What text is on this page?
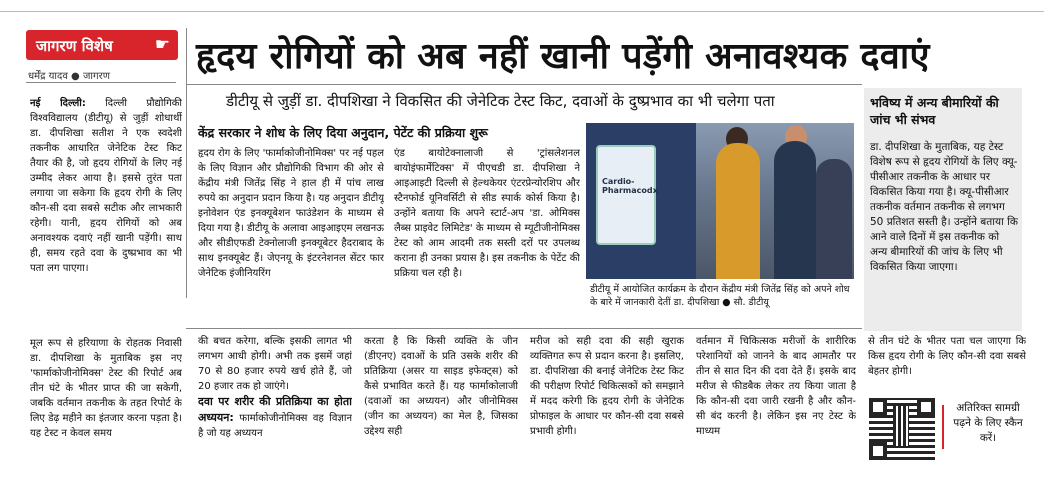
जागरण विशेष ☛
धर्मेंद्र यादव ● जागरण हृदय रोगियों को अब नहीं खानी पड़ेंगी अनावश्यक दवाएं
डीटीयू से जुड़ीं डा. दीपशिखा ने विकसित की जेनेटिक टेस्ट किट, दवाओं के दुष्प्रभाव का भी चलेगा पता
केंद्र सरकार ने शोध के लिए दिया अनुदान, पेटेंट की प्रक्रिया शुरू
नई दिल्ली: दिल्ली प्रौद्योगिकी विश्वविद्यालय (डीटीयू) से जुड़ीं शोधार्थी डा. दीपशिखा सतीश ने एक स्वदेशी तकनीक आधारित जेनेटिक टेस्ट किट तैयार की है, जो हृदय रोगियों के लिए नई उम्मीद लेकर आया है। इससे तुरंत पता लगाया जा सकेगा कि हृदय रोगी के लिए कौन-सी दवा सबसे सटीक और लाभकारी रहेगी। यानी, हृदय रोगियों को अब अनावश्यक दवाएं नहीं खानी पड़ेंगी। साथ ही, समय रहते दवा के दुष्प्रभाव का भी पता लग पाएगा।
मूल रूप से हरियाणा के रोहतक निवासी डा. दीपशिखा के मुताबिक इस नए 'फार्माकोजीनोमिक्स' टेस्ट की रिपोर्ट अब तीन घंटे के भीतर प्राप्त की जा सकेगी, जबकि वर्तमान तकनीक के तहत रिपोर्ट के लिए डेढ़ महीने का इंतजार करना पड़ता है। यह टेस्ट न केवल समय
हृदय रोग के लिए 'फार्माकोजीनोमिक्स' पर नई पहल के लिए विज्ञान और प्रौद्योगिकी विभाग की ओर से केंद्रीय मंत्री जितेंद्र सिंह ने हाल ही में पांच लाख रुपये का अनुदान प्रदान किया है। यह अनुदान डीटीयू इनोवेशन एंड इनक्यूबेशन फाउंडेशन के माध्यम से दिया गया है। डीटीयू के अलावा आइआइएम लखनऊ और सीडीएफडी टेक्नोलाजी इनक्यूबेटर हैदराबाद के साथ इनक्यूबेट हैं। जेएनयू के इंटरनेशनल सेंटर फार जेनेटिक इंजीनियरिंग
एंड बायोटेक्नालाजी से 'ट्रांसलेशनल बायोइंफार्मेटिक्स' में पीएचडी डा. दीपशिखा ने आइआइटी दिल्ली से हेल्थकेयर एंटरप्रेन्योरशिप और स्टैनफोर्ड यूनिवर्सिटी से सीड स्पार्क कोर्स किया है। उन्होंने बताया कि अपने स्टार्ट-अप 'डा. ओमिक्स लैब्स प्राइवेट लिमिटेड' के माध्यम से म्यूटीजीनोमिक्स टेस्ट को आम आदमी तक सस्ती दरों पर उपलब्ध कराना ही उनका प्रयास है। इस तकनीक के पेटेंट की प्रक्रिया चल रही है।
Cardio-Pharmacodx
डीटीयू में आयोजित कार्यक्रम के दौरान केंद्रीय मंत्री जितेंद्र सिंह को अपने शोध के बारे में जानकारी देतीं डा. दीपशिखा ● सौ. डीटीयू
भविष्य में अन्य बीमारियों की जांच भी संभव
डा. दीपशिखा के मुताबिक, यह टेस्ट विशेष रूप से हृदय रोगियों के लिए क्यू-पीसीआर तकनीक के आधार पर विकसित किया गया है। क्यू-पीसीआर तकनीक वर्तमान तकनीक से लगभग 50 प्रतिशत सस्ती है। उन्होंने बताया कि आने वाले दिनों में इस तकनीक को अन्य बीमारियों की जांच के लिए भी विकसित किया जाएगा।
की बचत करेगा, बल्कि इसकी लागत भी लगभग आधी होगी। अभी तक इसमें जहां 70 से 80 हजार रुपये खर्च होते हैं, जो 20 हजार तक हो जाएंगे।
दवा पर शरीर की प्रतिक्रिया का होता अध्ययन: फार्माकोजीनोमिक्स वह विज्ञान है जो यह अध्ययन
करता है कि किसी व्यक्ति के जीन (डीएनए) दवाओं के प्रति उसके शरीर की प्रतिक्रिया (असर या साइड इफेक्ट्स) को कैसे प्रभावित करते हैं। यह फार्माकोलाजी (दवाओं का अध्ययन) और जीनोमिक्स (जीन का अध्ययन) का मेल है, जिसका उद्देश्य सही
मरीज को सही दवा की सही खुराक व्यक्तिगत रूप से प्रदान करना है। इसलिए, डा. दीपशिखा की बनाई जेनेटिक टेस्ट किट की परीक्षण रिपोर्ट चिकित्सकों को समझाने में मदद करेगी कि हृदय रोगी के जेनेटिक प्रोफाइल के आधार पर कौन-सी दवा सबसे प्रभावी होगी।
वर्तमान में चिकित्सक मरीजों के शारीरिक परेशानियों को जानने के बाद आमतौर पर तीन से सात दिन की दवा देते हैं। इसके बाद मरीज से फीडबैक लेकर तय किया जाता है कि कौन-सी दवा जारी रखनी है और कौन-सी बंद करनी है। लेकिन इस नए टेस्ट के माध्यम
से तीन घंटे के भीतर पता चल जाएगा कि किस हृदय रोगी के लिए कौन-सी दवा सबसे बेहतर होगी।
अतिरिक्त सामग्री पढ़ने के लिए स्कैन करें।
